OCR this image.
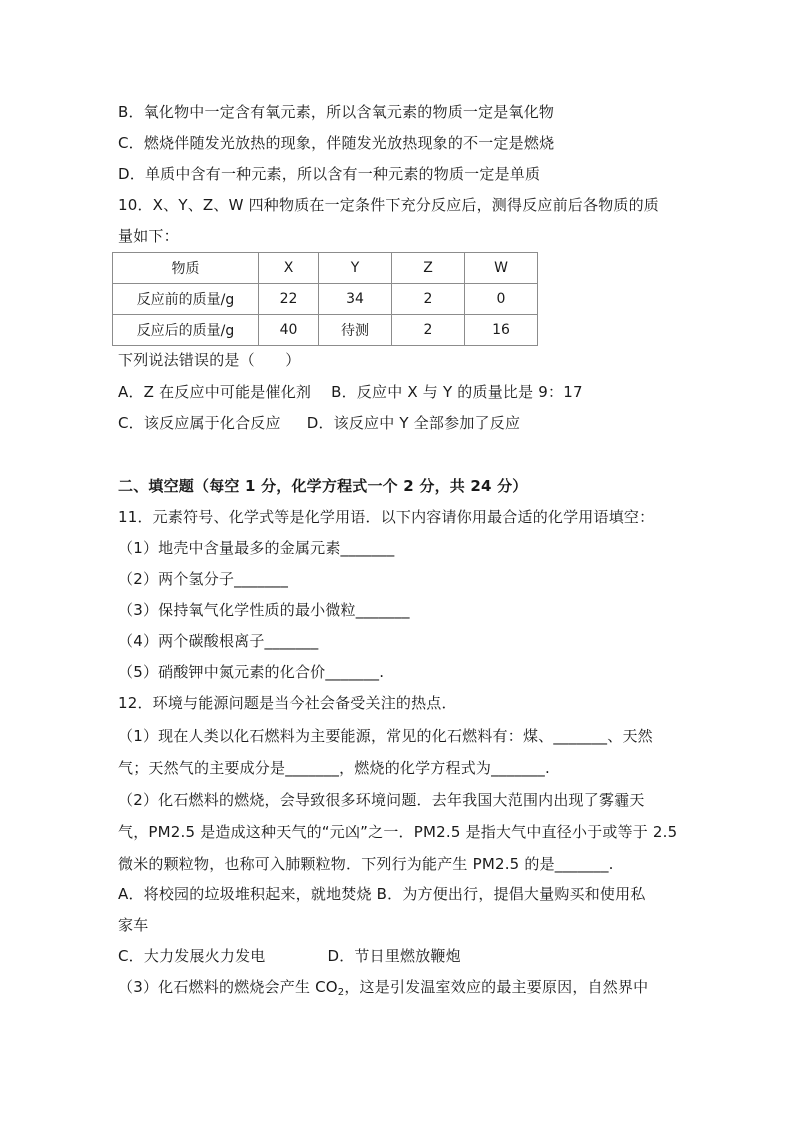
B．氧化物中一定含有氧元素，所以含氧元素的物质一定是氧化物
C．燃烧伴随发光放热的现象，伴随发光放热现象的不一定是燃烧
D．单质中含有一种元素，所以含有一种元素的物质一定是单质
10．X、Y、Z、W 四种物质在一定条件下充分反应后，测得反应前后各物质的质
量如下：
物质	X	Y	Z	W
反应前的质量/g	22	34	2	0
反应后的质量/g	40	待测	2	16
下列说法错误的是（　　）
A．Z 在反应中可能是催化剂 B．反应中 X 与 Y 的质量比是 9：17
C．该反应属于化合反应 D．该反应中 Y 全部参加了反应
二、填空题（每空 1 分，化学方程式一个 2 分，共 24 分）
11．元素符号、化学式等是化学用语．以下内容请你用最合适的化学用语填空：
（1）地壳中含量最多的金属元素_______
（2）两个氢分子_______
（3）保持氧气化学性质的最小微粒_______
（4）两个碳酸根离子_______
（5）硝酸钾中氮元素的化合价_______.
12．环境与能源问题是当今社会备受关注的热点．
（1）现在人类以化石燃料为主要能源，常见的化石燃料有：煤、_______、天然
气；天然气的主要成分是_______，燃烧的化学方程式为_______.
（2）化石燃料的燃烧，会导致很多环境问题．去年我国大范围内出现了雾霾天
气，PM2.5 是造成这种天气的“元凶”之一．PM2.5 是指大气中直径小于或等于 2.5
微米的颗粒物，也称可入肺颗粒物．下列行为能产生 PM2.5 的是_______.
A．将校园的垃圾堆积起来，就地焚烧 B．为方便出行，提倡大量购买和使用私
家车
C．大力发展火力发电	D．节日里燃放鞭炮
（3）化石燃料的燃烧会产生 $CO_2$，这是引发温室效应的最主要原因，自然界中
